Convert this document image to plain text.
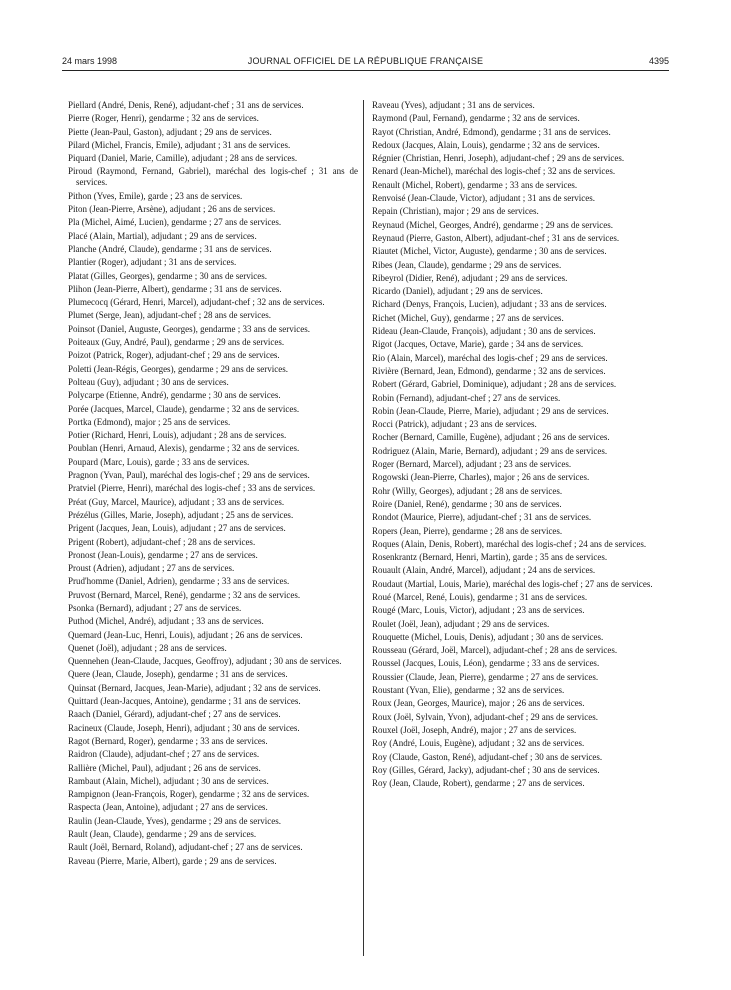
24 mars 1998	JOURNAL OFFICIEL DE LA RÉPUBLIQUE FRANÇAISE	4395

Piellard (André, Denis, René), adjudant-chef ; 31 ans de services.

Pierre (Roger, Henri), gendarme ; 32 ans de services.

Piette (Jean-Paul, Gaston), adjudant ; 29 ans de services.

Pilard (Michel, Francis, Emile), adjudant ; 31 ans de services.

Piquard (Daniel, Marie, Camille), adjudant ; 28 ans de services.

Piroud (Raymond, Fernand, Gabriel), maréchal des logis-chef ; 31 ans de services.

Pithon (Yves, Emile), garde ; 23 ans de services.

Piton (Jean-Pierre, Arsène), adjudant ; 26 ans de services.

Pla (Michel, Aimé, Lucien), gendarme ; 27 ans de services.

Placé (Alain, Martial), adjudant ; 29 ans de services.

Planche (André, Claude), gendarme ; 31 ans de services.

Plantier (Roger), adjudant ; 31 ans de services.

Platat (Gilles, Georges), gendarme ; 30 ans de services.

Plihon (Jean-Pierre, Albert), gendarme ; 31 ans de services.

Plumecocq (Gérard, Henri, Marcel), adjudant-chef ; 32 ans de services.

Plumet (Serge, Jean), adjudant-chef ; 28 ans de services.

Poinsot (Daniel, Auguste, Georges), gendarme ; 33 ans de services.

Poiteaux (Guy, André, Paul), gendarme ; 29 ans de services.

Poizot (Patrick, Roger), adjudant-chef ; 29 ans de services.

Poletti (Jean-Régis, Georges), gendarme ; 29 ans de services.

Polteau (Guy), adjudant ; 30 ans de services.

Polycarpe (Etienne, André), gendarme ; 30 ans de services.

Porée (Jacques, Marcel, Claude), gendarme ; 32 ans de services.

Portka (Edmond), major ; 25 ans de services.

Potier (Richard, Henri, Louis), adjudant ; 28 ans de services.

Poublan (Henri, Arnaud, Alexis), gendarme ; 32 ans de services.

Poupard (Marc, Louis), garde ; 33 ans de services.

Pragnon (Yvan, Paul), maréchal des logis-chef ; 29 ans de services.

Pratviel (Pierre, Henri), maréchal des logis-chef ; 33 ans de services.

Préat (Guy, Marcel, Maurice), adjudant ; 33 ans de services.

Prézélus (Gilles, Marie, Joseph), adjudant ; 25 ans de services.

Prigent (Jacques, Jean, Louis), adjudant ; 27 ans de services.

Prigent (Robert), adjudant-chef ; 28 ans de services.

Pronost (Jean-Louis), gendarme ; 27 ans de services.

Proust (Adrien), adjudant ; 27 ans de services.

Prud'homme (Daniel, Adrien), gendarme ; 33 ans de services.

Pruvost (Bernard, Marcel, René), gendarme ; 32 ans de services.

Psonka (Bernard), adjudant ; 27 ans de services.

Puthod (Michel, André), adjudant ; 33 ans de services.

Quemard (Jean-Luc, Henri, Louis), adjudant ; 26 ans de services.

Quenet (Joël), adjudant ; 28 ans de services.

Quennehen (Jean-Claude, Jacques, Geoffroy), adjudant ; 30 ans de services.

Quere (Jean, Claude, Joseph), gendarme ; 31 ans de services.

Quinsat (Bernard, Jacques, Jean-Marie), adjudant ; 32 ans de services.

Quittard (Jean-Jacques, Antoine), gendarme ; 31 ans de services.

Raach (Daniel, Gérard), adjudant-chef ; 27 ans de services.

Racineux (Claude, Joseph, Henri), adjudant ; 30 ans de services.

Ragot (Bernard, Roger), gendarme ; 33 ans de services.

Raidron (Claude), adjudant-chef ; 27 ans de services.

Rallière (Michel, Paul), adjudant ; 26 ans de services.

Rambaut (Alain, Michel), adjudant ; 30 ans de services.

Rampignon (Jean-François, Roger), gendarme ; 32 ans de services.

Raspecta (Jean, Antoine), adjudant ; 27 ans de services.

Raulin (Jean-Claude, Yves), gendarme ; 29 ans de services.

Rault (Jean, Claude), gendarme ; 29 ans de services.

Rault (Joël, Bernard, Roland), adjudant-chef ; 27 ans de services.

Raveau (Pierre, Marie, Albert), garde ; 29 ans de services.

Raveau (Yves), adjudant ; 31 ans de services.

Raymond (Paul, Fernand), gendarme ; 32 ans de services.

Rayot (Christian, André, Edmond), gendarme ; 31 ans de services.

Redoux (Jacques, Alain, Louis), gendarme ; 32 ans de services.

Régnier (Christian, Henri, Joseph), adjudant-chef ; 29 ans de services.

Renard (Jean-Michel), maréchal des logis-chef ; 32 ans de services.

Renault (Michel, Robert), gendarme ; 33 ans de services.

Renvoisé (Jean-Claude, Victor), adjudant ; 31 ans de services.

Repain (Christian), major ; 29 ans de services.

Reynaud (Michel, Georges, André), gendarme ; 29 ans de services.

Reynaud (Pierre, Gaston, Albert), adjudant-chef ; 31 ans de services.

Riautet (Michel, Victor, Auguste), gendarme ; 30 ans de services.

Ribes (Jean, Claude), gendarme ; 29 ans de services.

Ribeyrol (Didier, René), adjudant ; 29 ans de services.

Ricardo (Daniel), adjudant ; 29 ans de services.

Richard (Denys, François, Lucien), adjudant ; 33 ans de services.

Richet (Michel, Guy), gendarme ; 27 ans de services.

Rideau (Jean-Claude, François), adjudant ; 30 ans de services.

Rigot (Jacques, Octave, Marie), garde ; 34 ans de services.

Rio (Alain, Marcel), maréchal des logis-chef ; 29 ans de services.

Rivière (Bernard, Jean, Edmond), gendarme ; 32 ans de services.

Robert (Gérard, Gabriel, Dominique), adjudant ; 28 ans de services.

Robin (Fernand), adjudant-chef ; 27 ans de services.

Robin (Jean-Claude, Pierre, Marie), adjudant ; 29 ans de services.

Rocci (Patrick), adjudant ; 23 ans de services.

Rocher (Bernard, Camille, Eugène), adjudant ; 26 ans de services.

Rodriguez (Alain, Marie, Bernard), adjudant ; 29 ans de services.

Roger (Bernard, Marcel), adjudant ; 23 ans de services.

Rogowski (Jean-Pierre, Charles), major ; 26 ans de services.

Rohr (Willy, Georges), adjudant ; 28 ans de services.

Roire (Daniel, René), gendarme ; 30 ans de services.

Rondot (Maurice, Pierre), adjudant-chef ; 31 ans de services.

Ropers (Jean, Pierre), gendarme ; 28 ans de services.

Roques (Alain, Denis, Robert), maréchal des logis-chef ; 24 ans de services.

Rosenkrantz (Bernard, Henri, Martin), garde ; 35 ans de services.

Rouault (Alain, André, Marcel), adjudant ; 24 ans de services.

Roudaut (Martial, Louis, Marie), maréchal des logis-chef ; 27 ans de services.

Roué (Marcel, René, Louis), gendarme ; 31 ans de services.

Rougé (Marc, Louis, Victor), adjudant ; 23 ans de services.

Roulet (Joël, Jean), adjudant ; 29 ans de services.

Rouquette (Michel, Louis, Denis), adjudant ; 30 ans de services.

Rousseau (Gérard, Joël, Marcel), adjudant-chef ; 28 ans de services.

Roussel (Jacques, Louis, Léon), gendarme ; 33 ans de services.

Roussier (Claude, Jean, Pierre), gendarme ; 27 ans de services.

Roustant (Yvan, Elie), gendarme ; 32 ans de services.

Roux (Jean, Georges, Maurice), major ; 26 ans de services.

Roux (Joël, Sylvain, Yvon), adjudant-chef ; 29 ans de services.

Rouxel (Joël, Joseph, André), major ; 27 ans de services.

Roy (André, Louis, Eugène), adjudant ; 32 ans de services.

Roy (Claude, Gaston, René), adjudant-chef ; 30 ans de services.

Roy (Gilles, Gérard, Jacky), adjudant-chef ; 30 ans de services.

Roy (Jean, Claude, Robert), gendarme ; 27 ans de services.
